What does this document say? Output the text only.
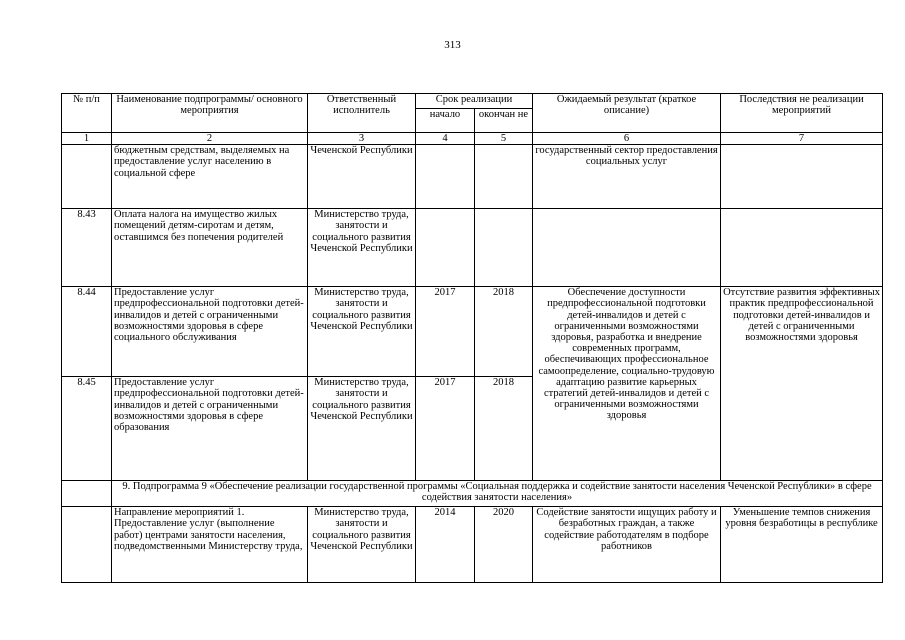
313
№ п/п	Наименование подпрограммы/ основного мероприятия	Ответственный исполнитель	Срок реализации		Ожидаемый результат (краткое описание)	Последствия не реализации мероприятий
			начало	окончан не		
1	2	3	4	5	6	7
	бюджетным средствам, выделяемых на предоставление услуг населению в социальной сфере	Чеченской Республики			государственный сектор предоставления социальных услуг	
8.43	Оплата налога на имущество жилых помещений детям-сиротам и детям, оставшимся без попечения родителей	Министерство труда, занятости и социального развития Чеченской Республики				
8.44	Предоставление услуг предпрофессиональной подготовки детей-инвалидов и детей с ограниченными возможностями здоровья в сфере социального обслуживания	Министерство труда, занятости и социального развития Чеченской Республики	2017	2018	Обеспечение доступности предпрофессиональной подготовки детей-инвалидов и детей с ограниченными возможностями здоровья, разработка и внедрение современных программ, обеспечивающих профессиональное самоопределение, социально-трудовую адаптацию развитие карьерных стратегий детей-инвалидов и детей с ограниченными возможностями здоровья	Отсутствие развития эффективных практик предпрофессиональной подготовки детей-инвалидов и детей с ограниченными возможностями здоровья
8.45	Предоставление услуг предпрофессиональной подготовки детей-инвалидов и детей с ограниченными возможностями здоровья в сфере образования	Министерство труда, занятости и социального развития Чеченской Республики	2017	2018		
	9. Подпрограмма 9 «Обеспечение реализации государственной программы «Социальная поддержка и содействие занятости населения Чеченской Республики» в сфере содействия занятости населения»					
	Направление мероприятий 1. Предоставление услуг (выполнение работ) центрами занятости населения, подведомственными Министерству труда,	Министерство труда, занятости и социального развития Чеченской Республики	2014	2020	Содействие занятости ищущих работу и безработных граждан, а также содействие работодателям в подборе работников	Уменьшение темпов снижения уровня безработицы в республике
